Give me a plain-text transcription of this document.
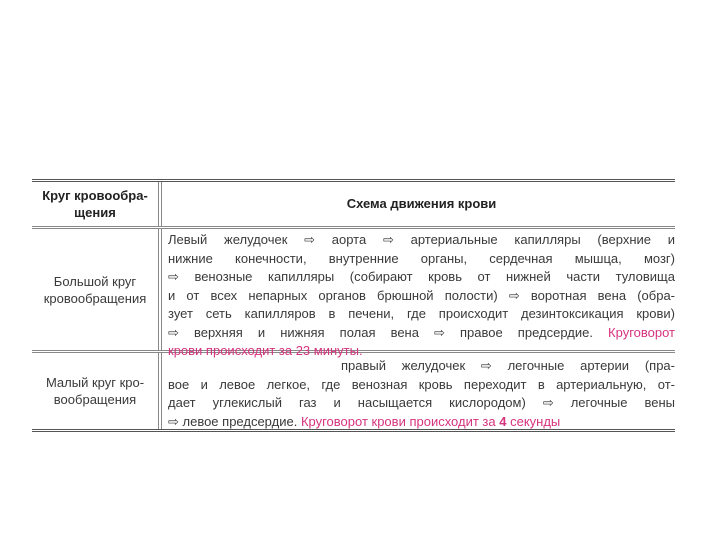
Круг кровообра-
щения
Схема движения крови
Большой круг
кровообращения
Левый желудочек ⇨ аорта ⇨ артериальные капилляры (верхние и
нижние конечности, внутренние органы, сердечная мышца, мозг)
⇨ венозные капилляры (собирают кровь от нижней части туловища
и от всех непарных органов брюшной полости) ⇨ воротная вена (обра-
зует сеть капилляров в печени, где происходит дезинтоксикация крови)
⇨ верхняя и нижняя полая вена ⇨ правое предсердие. Круговорот
крови происходит за 23 минуты.
Малый круг кро-
вообращения
правый желудочек ⇨ легочные артерии (пра-
вое и левое легкое, где венозная кровь переходит в артериальную, от-
дает углекислый газ и насыщается кислородом) ⇨ легочные вены
⇨ левое предсердие. Круговорот крови происходит за 4 секунды
